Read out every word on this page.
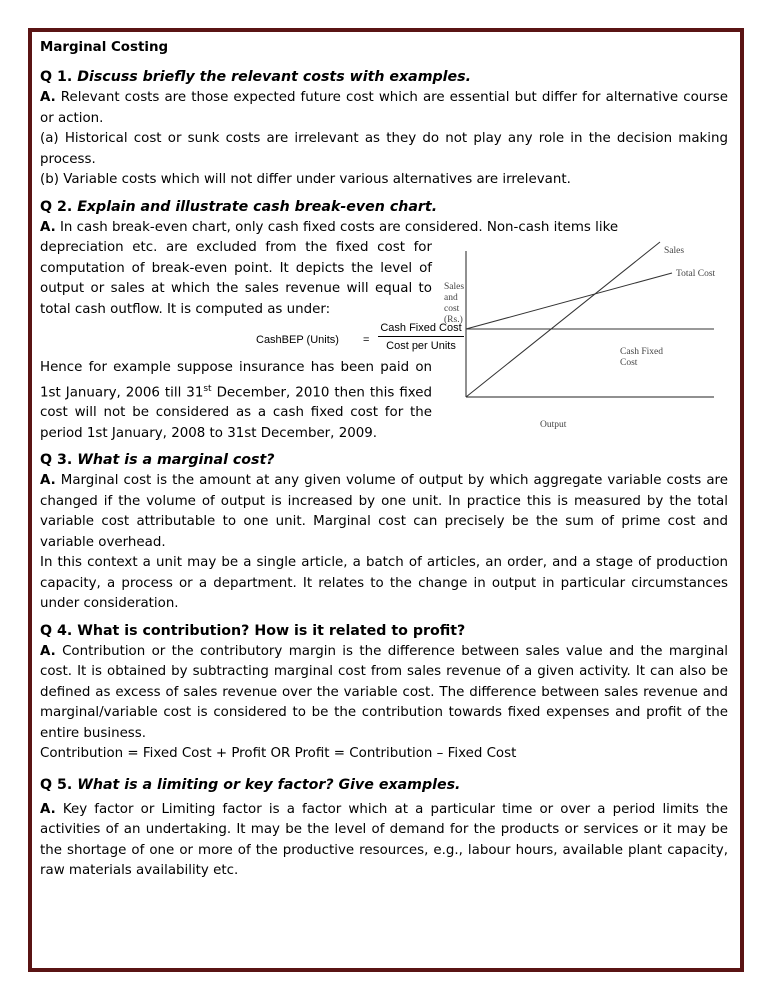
Marginal Costing
Q 1. Discuss briefly the relevant costs with examples.

A. Relevant costs are those expected future cost which are essential but differ for alternative course or action.

(a) Historical cost or sunk costs are irrelevant as they do not play any role in the decision making process.

(b) Variable costs which will not differ under various alternatives are irrelevant.

Q 2. Explain and illustrate cash break-even chart.

A. In cash break-even chart, only cash fixed costs are considered. Non-cash items like

depreciation etc. are excluded from the fixed cost for computation of break-even point. It depicts the level of output or sales at which the sales revenue will equal to total cash outflow. It is computed as under:

CashBEP (Units) =
Cash Fixed Cost
Cost per Units

Hence for example suppose insurance has been paid on 1st January, 2006 till 31st December, 2010 then this fixed cost will not be considered as a cash fixed cost for the period 1st January, 2008 to 31st December, 2009.

Sales
Total Cost
Cash Fixed
Cost
Sales
and
cost
(Rs.)
Output
Q 3. What is a marginal cost?

A. Marginal cost is the amount at any given volume of output by which aggregate variable costs are changed if the volume of output is increased by one unit. In practice this is measured by the total variable cost attributable to one unit. Marginal cost can precisely be the sum of prime cost and variable overhead.

In this context a unit may be a single article, a batch of articles, an order, and a stage of production capacity, a process or a department. It relates to the change in output in particular circumstances under consideration.

Q 4. What is contribution? How is it related to profit?

A. Contribution or the contributory margin is the difference between sales value and the marginal cost. It is obtained by subtracting marginal cost from sales revenue of a given activity. It can also be defined as excess of sales revenue over the variable cost. The difference between sales revenue and marginal/variable cost is considered to be the contribution towards fixed expenses and profit of the entire business.

Contribution = Fixed Cost + Profit OR Profit = Contribution – Fixed Cost

Q 5. What is a limiting or key factor? Give examples.

A. Key factor or Limiting factor is a factor which at a particular time or over a period limits the activities of an undertaking. It may be the level of demand for the products or services or it may be the shortage of one or more of the productive resources, e.g., labour hours, available plant capacity, raw materials availability etc.
